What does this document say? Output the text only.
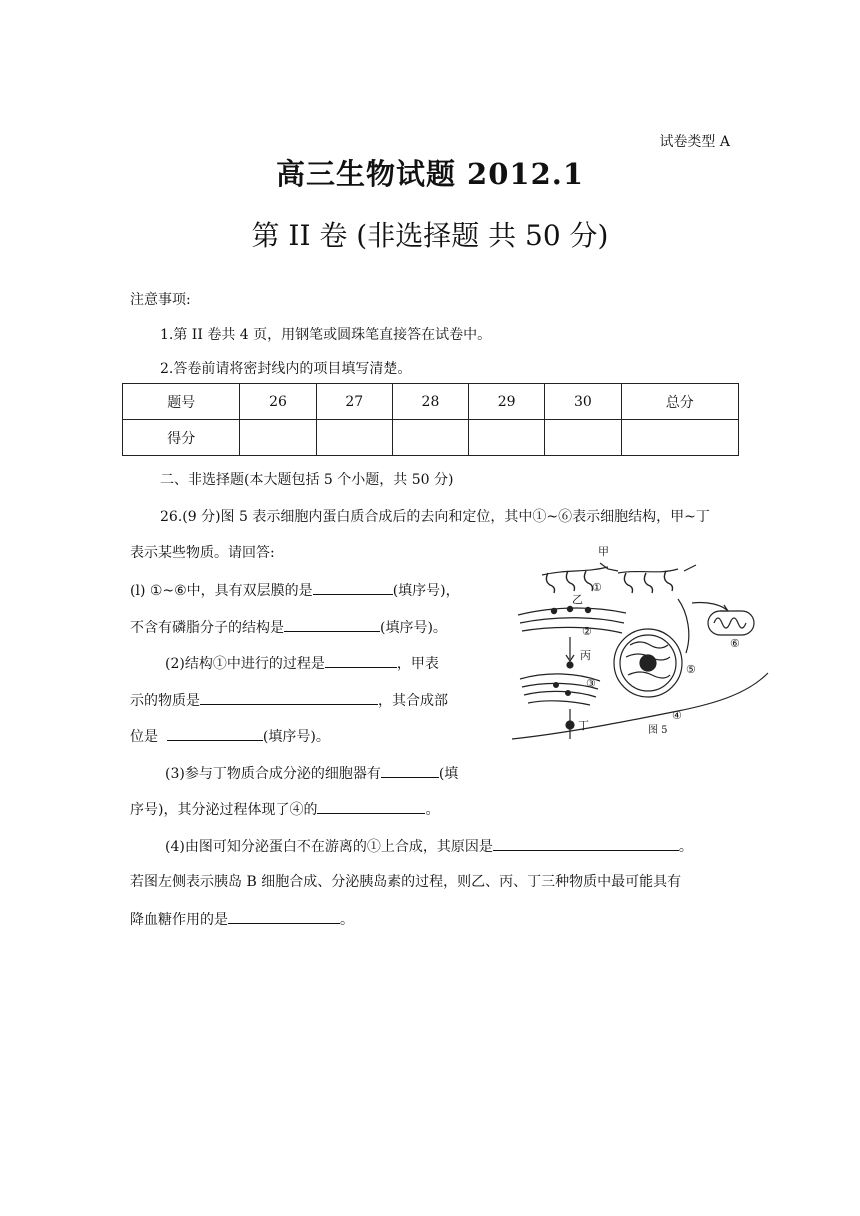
试卷类型 A
高三生物试题 2012.1
第 II 卷 (非选择题 共 50 分)
注意事项:
1.第 II 卷共 4 页，用钢笔或圆珠笔直接答在试卷中。
2.答卷前请将密封线内的项目填写清楚。
题号	26	27	28	29	30	总分
得分						
二、非选择题(本大题包括 5 个小题，共 50 分)
26.(9 分)图 5 表示细胞内蛋白质合成后的去向和定位，其中①~⑥表示细胞结构，甲~丁
表示某些物质。请回答:
(l) ①~⑥中，具有双层膜的是	(填序号)，
不含有磷脂分子的结构是	(填序号)。
(2)结构①中进行的过程是	，甲表
示的物质是	，其合成部
位是	(填序号)。
(3)参与丁物质合成分泌的细胞器有	(填
序号)，其分泌过程体现了④的	。
(4)由图可知分泌蛋白不在游离的①上合成，其原因是	。
若图左侧表示胰岛 B 细胞合成、分泌胰岛素的过程，则乙、丙、丁三种物质中最可能具有
降血糖作用的是	。
甲
乙
丙
丁
①
②
③
④
⑤
⑥
图 5
